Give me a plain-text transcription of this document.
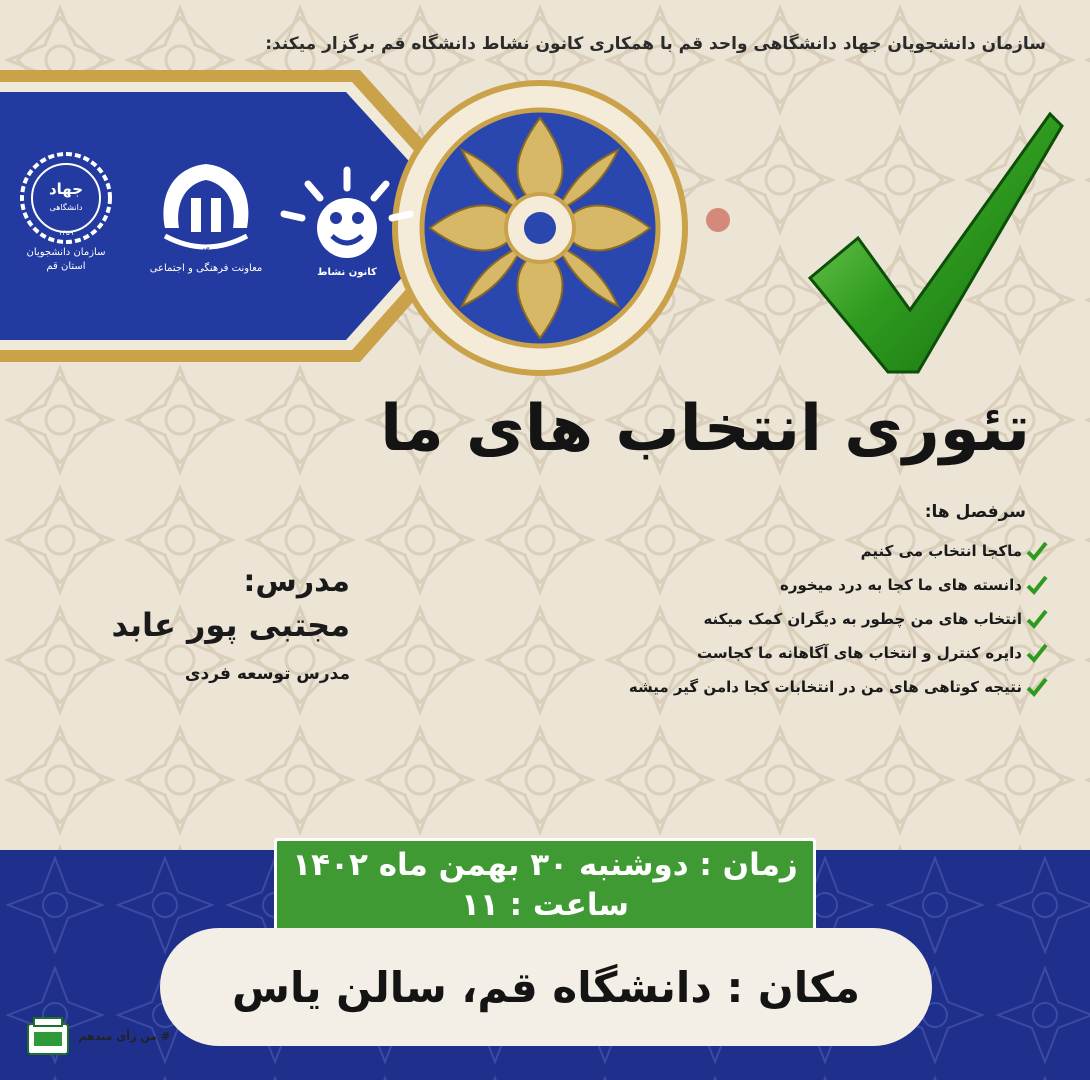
سازمان دانشجویان جهاد دانشگاهی واحد قم با همکاری کانون نشاط دانشگاه قم برگزار میکند:
جهاد
دانشگاهی
۱۳۵۹
سازمان دانشجویان
استان قم
دانشگاه قم
معاونت فرهنگی و اجتماعی	کانون نشاط
تئوری انتخاب های ما
سرفصل ها:
ماکجا انتخاب می کنیم
دانسته های ما کجا به درد میخوره
انتخاب های من چطور به دیگران کمک میکنه
دایره کنترل و انتخاب های آگاهانه ما کجاست
نتیجه کوتاهی های من در انتخابات کجا دامن گیر میشه
مدرس:
مجتبی پور عابد
مدرس توسعه فردی
زمان : دوشنبه ۳۰ بهمن ماه ۱۴۰۲
ساعت : ۱۱
مکان : دانشگاه قم، سالن یاس
# من رأی میدهم
